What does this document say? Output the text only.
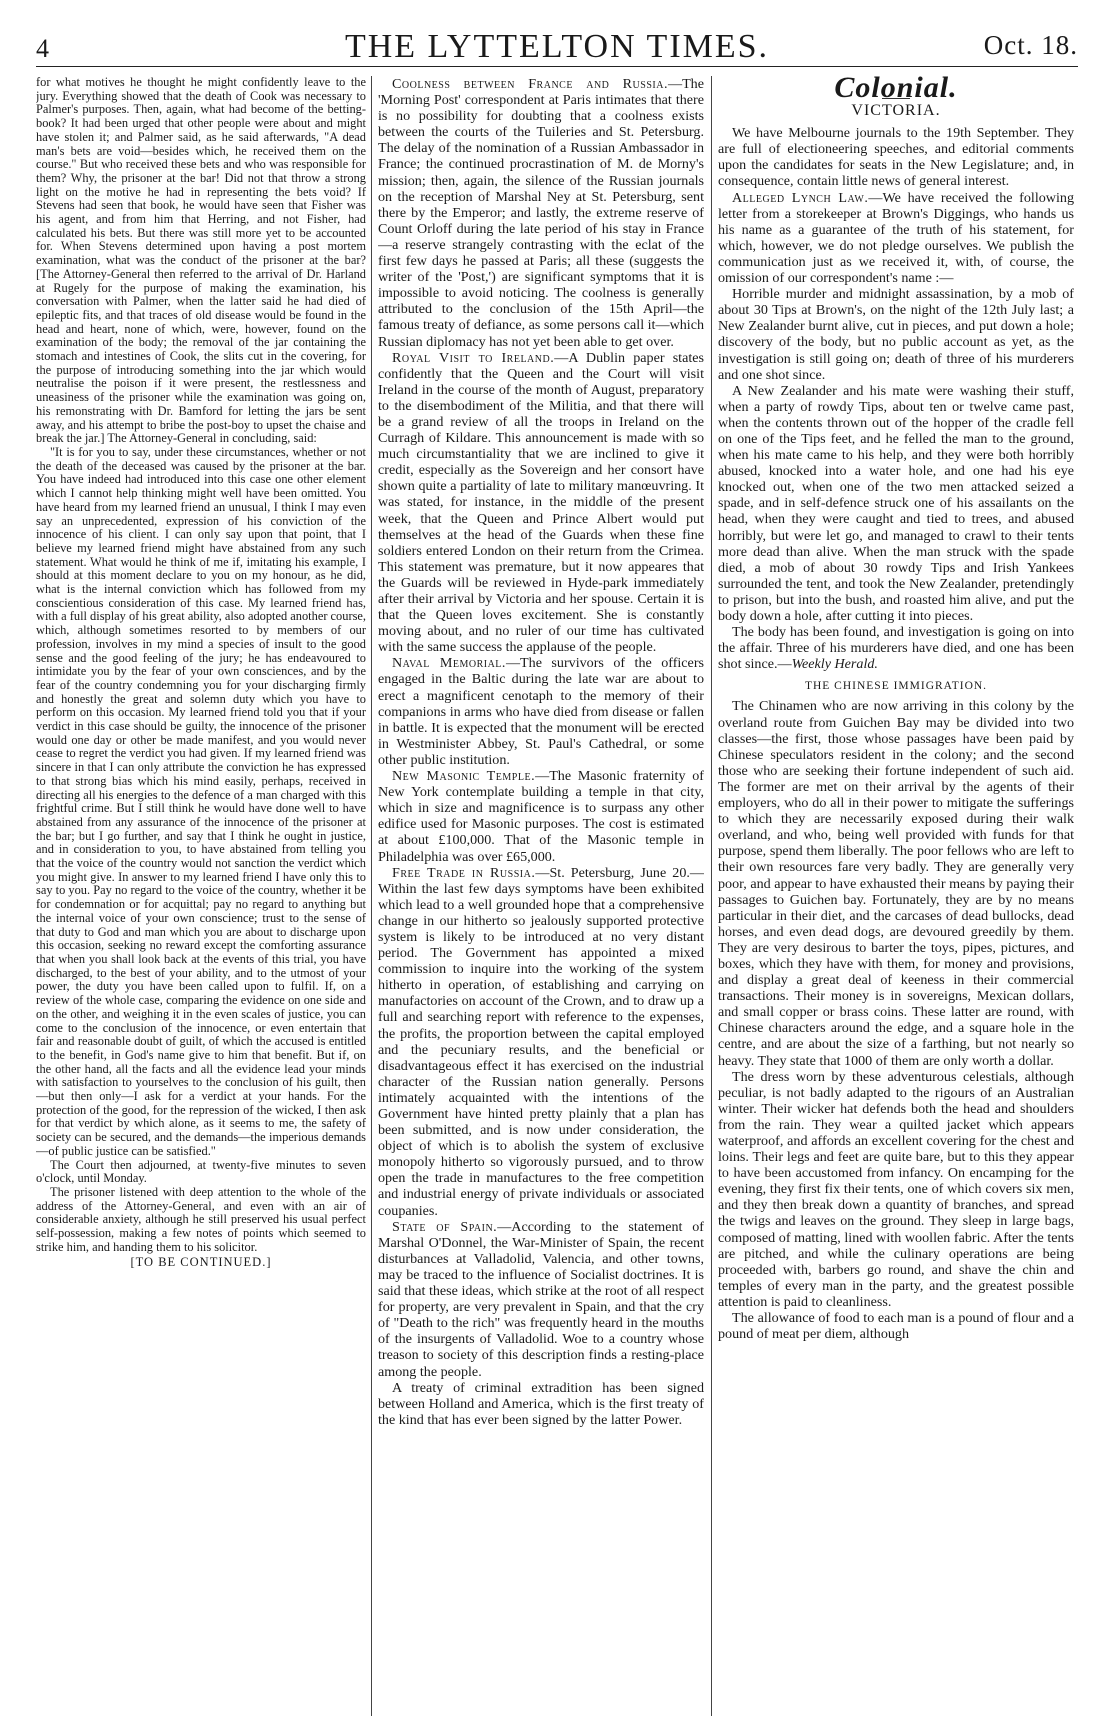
4	THE LYTTELTON TIMES.	Oct. 18.

for what motives he thought he might confidently leave to the jury. Everything showed that the death of Cook was necessary to Palmer's purposes. Then, again, what had become of the betting-book? It had been urged that other people were about and might have stolen it; and Palmer said, as he said afterwards, "A dead man's bets are void—besides which, he received them on the course." But who received these bets and who was responsible for them? Why, the prisoner at the bar! Did not that throw a strong light on the motive he had in representing the bets void? If Stevens had seen that book, he would have seen that Fisher was his agent, and from him that Herring, and not Fisher, had calculated his bets. But there was still more yet to be accounted for. When Stevens determined upon having a post mortem examination, what was the conduct of the prisoner at the bar? [The Attorney-General then referred to the arrival of Dr. Harland at Rugely for the purpose of making the examination, his conversation with Palmer, when the latter said he had died of epileptic fits, and that traces of old disease would be found in the head and heart, none of which, were, however, found on the examination of the body; the removal of the jar containing the stomach and intestines of Cook, the slits cut in the covering, for the purpose of introducing something into the jar which would neutralise the poison if it were present, the restlessness and uneasiness of the prisoner while the examination was going on, his remonstrating with Dr. Bamford for letting the jars be sent away, and his attempt to bribe the post-boy to upset the chaise and break the jar.] The Attorney-General in concluding, said:

"It is for you to say, under these circumstances, whether or not the death of the deceased was caused by the prisoner at the bar. You have indeed had introduced into this case one other element which I cannot help thinking might well have been omitted. You have heard from my learned friend an unusual, I think I may even say an unprecedented, expression of his conviction of the innocence of his client. I can only say upon that point, that I believe my learned friend might have abstained from any such statement. What would he think of me if, imitating his example, I should at this moment declare to you on my honour, as he did, what is the internal conviction which has followed from my conscientious consideration of this case. My learned friend has, with a full display of his great ability, also adopted another course, which, although sometimes resorted to by members of our profession, involves in my mind a species of insult to the good sense and the good feeling of the jury; he has endeavoured to intimidate you by the fear of your own consciences, and by the fear of the country condemning you for your discharging firmly and honestly the great and solemn duty which you have to perform on this occasion. My learned friend told you that if your verdict in this case should be guilty, the innocence of the prisoner would one day or other be made manifest, and you would never cease to regret the verdict you had given. If my learned friend was sincere in that I can only attribute the conviction he has expressed to that strong bias which his mind easily, perhaps, received in directing all his energies to the defence of a man charged with this frightful crime. But I still think he would have done well to have abstained from any assurance of the innocence of the prisoner at the bar; but I go further, and say that I think he ought in justice, and in consideration to you, to have abstained from telling you that the voice of the country would not sanction the verdict which you might give. In answer to my learned friend I have only this to say to you. Pay no regard to the voice of the country, whether it be for condemnation or for acquittal; pay no regard to anything but the internal voice of your own conscience; trust to the sense of that duty to God and man which you are about to discharge upon this occasion, seeking no reward except the comforting assurance that when you shall look back at the events of this trial, you have discharged, to the best of your ability, and to the utmost of your power, the duty you have been called upon to fulfil. If, on a review of the whole case, comparing the evidence on one side and on the other, and weighing it in the even scales of justice, you can come to the conclusion of the innocence, or even entertain that fair and reasonable doubt of guilt, of which the accused is entitled to the benefit, in God's name give to him that benefit. But if, on the other hand, all the facts and all the evidence lead your minds with satisfaction to yourselves to the conclusion of his guilt, then—but then only—I ask for a verdict at your hands. For the protection of the good, for the repression of the wicked, I then ask for that verdict by which alone, as it seems to me, the safety of society can be secured, and the demands—the imperious demands—of public justice can be satisfied."

The Court then adjourned, at twenty-five minutes to seven o'clock, until Monday.

The prisoner listened with deep attention to the whole of the address of the Attorney-General, and even with an air of considerable anxiety, although he still preserved his usual perfect self-possession, making a few notes of points which seemed to strike him, and handing them to his solicitor.

[TO BE CONTINUED.]

Coolness between France and Russia.—The 'Morning Post' correspondent at Paris intimates that there is no possibility for doubting that a coolness exists between the courts of the Tuileries and St. Petersburg. The delay of the nomination of a Russian Ambassador in France; the continued procrastination of M. de Morny's mission; then, again, the silence of the Russian journals on the reception of Marshal Ney at St. Petersburg, sent there by the Emperor; and lastly, the extreme reserve of Count Orloff during the late period of his stay in France—a reserve strangely contrasting with the eclat of the first few days he passed at Paris; all these (suggests the writer of the 'Post,') are significant symptoms that it is impossible to avoid noticing. The coolness is generally attributed to the conclusion of the 15th April—the famous treaty of defiance, as some persons call it—which Russian diplomacy has not yet been able to get over.

Royal Visit to Ireland.—A Dublin paper states confidently that the Queen and the Court will visit Ireland in the course of the month of August, preparatory to the disembodiment of the Militia, and that there will be a grand review of all the troops in Ireland on the Curragh of Kildare. This announcement is made with so much circumstantiality that we are inclined to give it credit, especially as the Sovereign and her consort have shown quite a partiality of late to military manœuvring. It was stated, for instance, in the middle of the present week, that the Queen and Prince Albert would put themselves at the head of the Guards when these fine soldiers entered London on their return from the Crimea. This statement was premature, but it now appeares that the Guards will be reviewed in Hyde-park immediately after their arrival by Victoria and her spouse. Certain it is that the Queen loves excitement. She is constantly moving about, and no ruler of our time has cultivated with the same success the applause of the people.

Naval Memorial.—The survivors of the officers engaged in the Baltic during the late war are about to erect a magnificent cenotaph to the memory of their companions in arms who have died from disease or fallen in battle. It is expected that the monument will be erected in Westminister Abbey, St. Paul's Cathedral, or some other public institution.

New Masonic Temple.—The Masonic fraternity of New York contemplate building a temple in that city, which in size and magnificence is to surpass any other edifice used for Masonic purposes. The cost is estimated at about £100,000. That of the Masonic temple in Philadelphia was over £65,000.

Free Trade in Russia.—St. Petersburg, June 20.—Within the last few days symptoms have been exhibited which lead to a well grounded hope that a comprehensive change in our hitherto so jealously supported protective system is likely to be introduced at no very distant period. The Government has appointed a mixed commission to inquire into the working of the system hitherto in operation, of establishing and carrying on manufactories on account of the Crown, and to draw up a full and searching report with reference to the expenses, the profits, the proportion between the capital employed and the pecuniary results, and the beneficial or disadvantageous effect it has exercised on the industrial character of the Russian nation generally. Persons intimately acquainted with the intentions of the Government have hinted pretty plainly that a plan has been submitted, and is now under consideration, the object of which is to abolish the system of exclusive monopoly hitherto so vigorously pursued, and to throw open the trade in manufactures to the free competition and industrial energy of private individuals or associated coupanies.

State of Spain.—According to the statement of Marshal O'Donnel, the War-Minister of Spain, the recent disturbances at Valladolid, Valencia, and other towns, may be traced to the influence of Socialist doctrines. It is said that these ideas, which strike at the root of all respect for property, are very prevalent in Spain, and that the cry of "Death to the rich" was frequently heard in the mouths of the insurgents of Valladolid. Woe to a country whose treason to society of this description finds a resting-place among the people.

A treaty of criminal extradition has been signed between Holland and America, which is the first treaty of the kind that has ever been signed by the latter Power.

Colonial.
VICTORIA.

We have Melbourne journals to the 19th September. They are full of electioneering speeches, and editorial comments upon the candidates for seats in the New Legislature; and, in consequence, contain little news of general interest.

Alleged Lynch Law.—We have received the following letter from a storekeeper at Brown's Diggings, who hands us his name as a guarantee of the truth of his statement, for which, however, we do not pledge ourselves. We publish the communication just as we received it, with, of course, the omission of our correspondent's name :—

Horrible murder and midnight assassination, by a mob of about 30 Tips at Brown's, on the night of the 12th July last; a New Zealander burnt alive, cut in pieces, and put down a hole; discovery of the body, but no public account as yet, as the investigation is still going on; death of three of his murderers and one shot since.

A New Zealander and his mate were washing their stuff, when a party of rowdy Tips, about ten or twelve came past, when the contents thrown out of the hopper of the cradle fell on one of the Tips feet, and he felled the man to the ground, when his mate came to his help, and they were both horribly abused, knocked into a water hole, and one had his eye knocked out, when one of the two men attacked seized a spade, and in self-defence struck one of his assailants on the head, when they were caught and tied to trees, and abused horribly, but were let go, and managed to crawl to their tents more dead than alive. When the man struck with the spade died, a mob of about 30 rowdy Tips and Irish Yankees surrounded the tent, and took the New Zealander, pretendingly to prison, but into the bush, and roasted him alive, and put the body down a hole, after cutting it into pieces.

The body has been found, and investigation is going on into the affair. Three of his murderers have died, and one has been shot since.—Weekly Herald.

THE CHINESE IMMIGRATION.

The Chinamen who are now arriving in this colony by the overland route from Guichen Bay may be divided into two classes—the first, those whose passages have been paid by Chinese speculators resident in the colony; and the second those who are seeking their fortune independent of such aid. The former are met on their arrival by the agents of their employers, who do all in their power to mitigate the sufferings to which they are necessarily exposed during their walk overland, and who, being well provided with funds for that purpose, spend them liberally. The poor fellows who are left to their own resources fare very badly. They are generally very poor, and appear to have exhausted their means by paying their passages to Guichen bay. Fortunately, they are by no means particular in their diet, and the carcases of dead bullocks, dead horses, and even dead dogs, are devoured greedily by them. They are very desirous to barter the toys, pipes, pictures, and boxes, which they have with them, for money and provisions, and display a great deal of keeness in their commercial transactions. Their money is in sovereigns, Mexican dollars, and small copper or brass coins. These latter are round, with Chinese characters around the edge, and a square hole in the centre, and are about the size of a farthing, but not nearly so heavy. They state that 1000 of them are only worth a dollar.

The dress worn by these adventurous celestials, although peculiar, is not badly adapted to the rigours of an Australian winter. Their wicker hat defends both the head and shoulders from the rain. They wear a quilted jacket which appears waterproof, and affords an excellent covering for the chest and loins. Their legs and feet are quite bare, but to this they appear to have been accustomed from infancy. On encamping for the evening, they first fix their tents, one of which covers six men, and they then break down a quantity of branches, and spread the twigs and leaves on the ground. They sleep in large bags, composed of matting, lined with woollen fabric. After the tents are pitched, and while the culinary operations are being proceeded with, barbers go round, and shave the chin and temples of every man in the party, and the greatest possible attention is paid to cleanliness.

The allowance of food to each man is a pound of flour and a pound of meat per diem, although
